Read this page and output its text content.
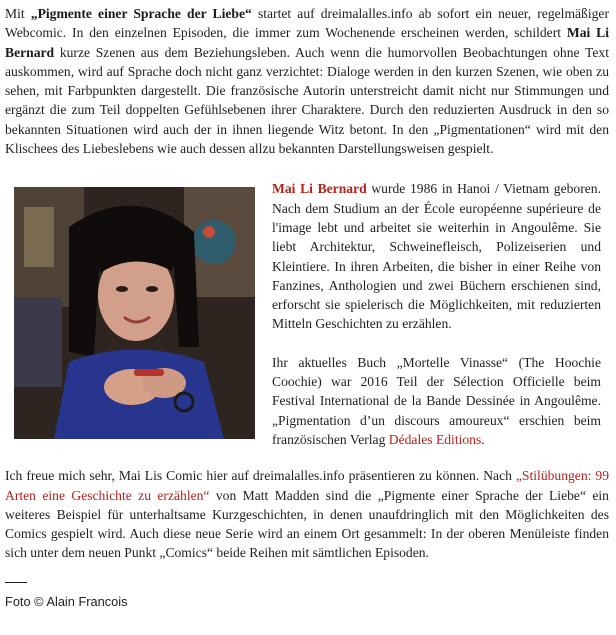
Mit „Pigmente einer Sprache der Liebe“ startet auf dreimalalles.info ab sofort ein neuer, regelmäßiger Webcomic. In den einzelnen Episoden, die immer zum Wochenende erscheinen werden, schildert Mai Li Bernard kurze Szenen aus dem Beziehungsleben. Auch wenn die humorvollen Beobachtungen ohne Text auskommen, wird auf Sprache doch nicht ganz verzichtet: Dialoge werden in den kurzen Szenen, wie oben zu sehen, mit Farbpunkten dargestellt. Die französische Autorin unterstreicht damit nicht nur Stimmungen und ergänzt die zum Teil doppelten Gefühlsebenen ihrer Charaktere. Durch den reduzierten Ausdruck in den so bekannten Situationen wird auch der in ihnen liegende Witz betont. In den „Pigmentationen“ wird mit den Klischees des Liebeslebens wie auch dessen allzu bekannten Darstellungsweisen gespielt.

Mai Li Bernard wurde 1986 in Hanoi / Vietnam geboren. Nach dem Studium an der École européenne supérieure de l'image lebt und arbeitet sie weiterhin in Angoulême. Sie liebt Architektur, Schweinefleisch, Polizeiserien und Kleintiere. In ihren Arbeiten, die bisher in einer Reihe von Fanzines, Anthologien und zwei Büchern erschienen sind, erforscht sie spielerisch die Möglichkeiten, mit reduzierten Mitteln Geschichten zu erzählen.

Ihr aktuelles Buch „Mortelle Vinasse“ (The Hoochie Coochie) war 2016 Teil der Sélection Officielle beim Festival International de la Bande Dessinée in Angoulême. „Pigmentation d’un discours amoureux“ erschien beim französischen Verlag Dédales Editions.

Ich freue mich sehr, Mai Lis Comic hier auf dreimalalles.info präsentieren zu können. Nach „Stilübungen: 99 Arten eine Geschichte zu erzählen“ von Matt Madden sind die „Pigmente einer Sprache der Liebe“ ein weiteres Beispiel für unterhaltsame Kurzgeschichten, in denen unaufdringlich mit den Möglichkeiten des Comics gespielt wird. Auch diese neue Serie wird an einem Ort gesammelt: In der oberen Menüleiste finden sich unter dem neuen Punkt „Comics“ beide Reihen mit sämtlichen Episoden.

Foto © Alain Francois
